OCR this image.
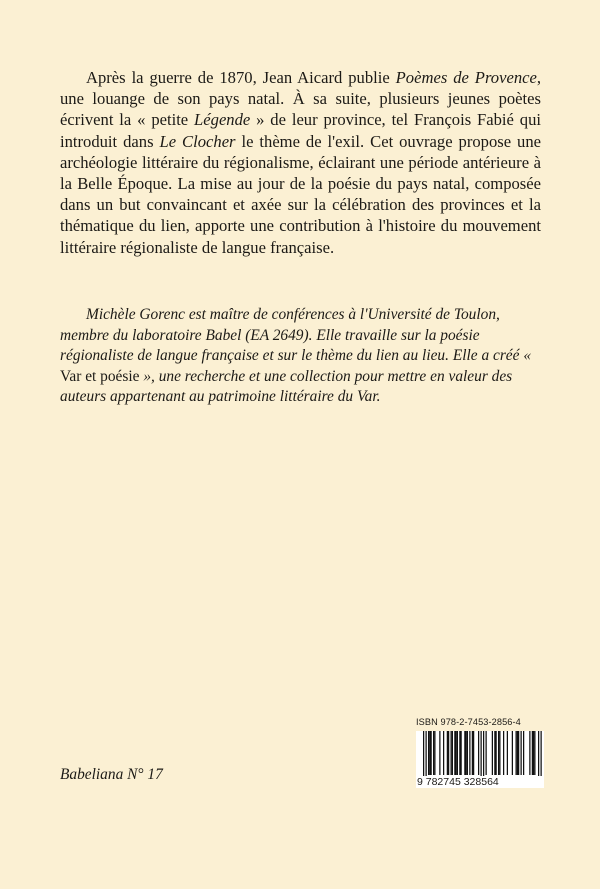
Après la guerre de 1870, Jean Aicard publie Poèmes de Provence, une louange de son pays natal. À sa suite, plusieurs jeunes poètes écrivent la « petite Légende » de leur province, tel François Fabié qui introduit dans Le Clocher le thème de l'exil. Cet ouvrage propose une archéologie littéraire du régionalisme, éclairant une période antérieure à la Belle Époque. La mise au jour de la poésie du pays natal, composée dans un but convaincant et axée sur la célébration des provinces et la thématique du lien, apporte une contribution à l'histoire du mouvement littéraire régionaliste de langue française.

Michèle Gorenc est maître de conférences à l'Université de Toulon, membre du laboratoire Babel (EA 2649). Elle travaille sur la poésie régionaliste de langue française et sur le thème du lien au lieu. Elle a créé « Var et poésie », une recherche et une collection pour mettre en valeur des auteurs appartenant au patrimoine littéraire du Var.

Babeliana N° 17
ISBN 978-2-7453-2856-4
9 782745 328564
